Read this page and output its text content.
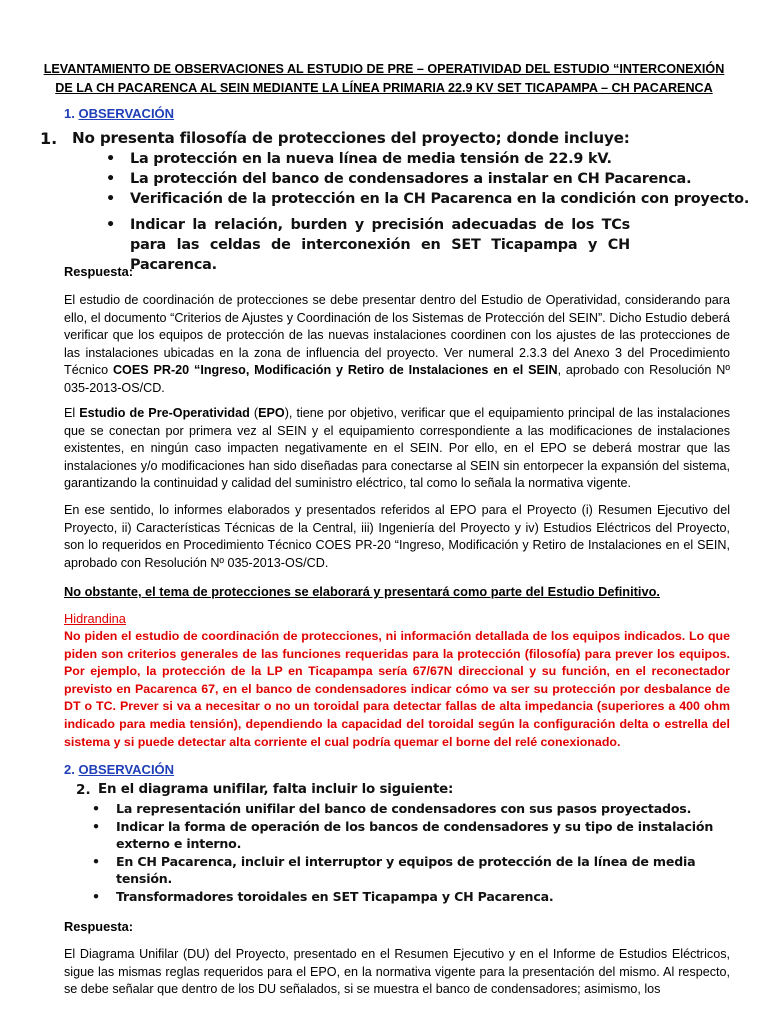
LEVANTAMIENTO DE OBSERVACIONES AL ESTUDIO DE PRE – OPERATIVIDAD DEL ESTUDIO “INTERCONEXIÓN DE LA CH PACARENCA AL SEIN MEDIANTE LA LÍNEA PRIMARIA 22.9 KV SET TICAPAMPA – CH PACARENCA
1. OBSERVACIÓN
1. No presenta filosofía de protecciones del proyecto; donde incluye:
• La protección en la nueva línea de media tensión de 22.9 kV.
• La protección del banco de condensadores a instalar en CH Pacarenca.
• Verificación de la protección en la CH Pacarenca en la condición con proyecto.
• Indicar la relación, burden y precisión adecuadas de los TCs para las celdas de interconexión en SET Ticapampa y CH Pacarenca.
Respuesta:
El estudio de coordinación de protecciones se debe presentar dentro del Estudio de Operatividad, considerando para ello, el documento “Criterios de Ajustes y Coordinación de los Sistemas de Protección del SEIN”. Dicho Estudio deberá verificar que los equipos de protección de las nuevas instalaciones coordinen con los ajustes de las protecciones de las instalaciones ubicadas en la zona de influencia del proyecto. Ver numeral 2.3.3 del Anexo 3 del Procedimiento Técnico COES PR-20 “Ingreso, Modificación y Retiro de Instalaciones en el SEIN, aprobado con Resolución Nº 035-2013-OS/CD.
El Estudio de Pre-Operatividad (EPO), tiene por objetivo, verificar que el equipamiento principal de las instalaciones que se conectan por primera vez al SEIN y el equipamiento correspondiente a las modificaciones de instalaciones existentes, en ningún caso impacten negativamente en el SEIN. Por ello, en el EPO se deberá mostrar que las instalaciones y/o modificaciones han sido diseñadas para conectarse al SEIN sin entorpecer la expansión del sistema, garantizando la continuidad y calidad del suministro eléctrico, tal como lo señala la normativa vigente.
En ese sentido, lo informes elaborados y presentados referidos al EPO para el Proyecto (i) Resumen Ejecutivo del Proyecto, ii) Características Técnicas de la Central, iii) Ingeniería del Proyecto y iv) Estudios Eléctricos del Proyecto, son lo requeridos en Procedimiento Técnico COES PR-20 “Ingreso, Modificación y Retiro de Instalaciones en el SEIN, aprobado con Resolución Nº 035-2013-OS/CD.
No obstante, el tema de protecciones se elaborará y presentará como parte del Estudio Definitivo.
Hidrandina
No piden el estudio de coordinación de protecciones, ni información detallada de los equipos indicados. Lo que piden son criterios generales de las funciones requeridas para la protección (filosofía) para prever los equipos. Por ejemplo, la protección de la LP en Ticapampa sería 67/67N direccional y su función, en el reconectador previsto en Pacarenca 67, en el banco de condensadores indicar cómo va ser su protección por desbalance de DT o TC. Prever si va a necesitar o no un toroidal para detectar fallas de alta impedancia (superiores a 400 ohm indicado para media tensión), dependiendo la capacidad del toroidal según la configuración delta o estrella del sistema y si puede detectar alta corriente el cual podría quemar el borne del relé conexionado.
2. OBSERVACIÓN
2. En el diagrama unifilar, falta incluir lo siguiente:
• La representación unifilar del banco de condensadores con sus pasos proyectados.
• Indicar la forma de operación de los bancos de condensadores y su tipo de instalación
externo e interno.
• En CH Pacarenca, incluir el interruptor y equipos de protección de la línea de media
tensión.
• Transformadores toroidales en SET Ticapampa y CH Pacarenca.
Respuesta:
El Diagrama Unifilar (DU) del Proyecto, presentado en el Resumen Ejecutivo y en el Informe de Estudios Eléctricos, sigue las mismas reglas requeridos para el EPO, en la normativa vigente para la presentación del mismo. Al respecto, se debe señalar que dentro de los DU señalados, si se muestra el banco de condensadores; asimismo, los
